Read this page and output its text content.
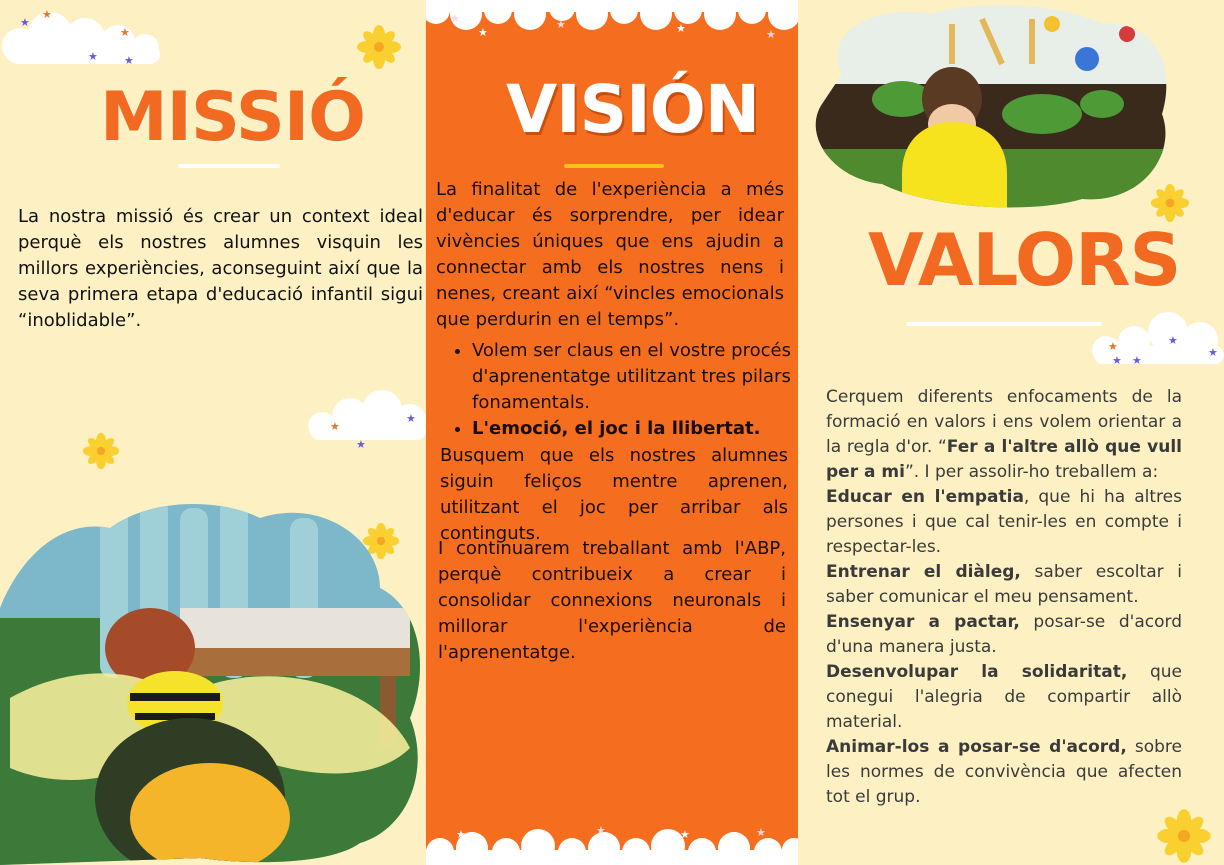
★
★
★
★ ★
MISSIÓ

La nostra missió és crear un context ideal perquè els nostres alumnes visquin les millors experiències, aconseguint així que la seva primera etapa d'educació infantil sigui “inoblidable”.

★
★
★
★
★
★	★	★
VISIÓN

La finalitat de l'experiència a més d'educar és sorprendre, per idear vivències úniques que ens ajudin a connectar amb els nostres nens i nenes, creant així “vincles emocionals que perdurin en el temps”.

• Volem ser claus en el vostre procés d'aprenentatge utilitzant tres pilars fonamentals.
• L'emoció, el joc i la llibertat.

Busquem que els nostres alumnes siguin feliços mentre aprenen, utilitzant el joc per arribar als continguts.

I continuarem treballant amb l'ABP, perquè contribueix a crear i consolidar connexions neuronals i millorar l'experiència de l'aprenentatge.

★	★	★	★
VALORS
★
★ ★
★
★
Cerquem diferents enfocaments de la formació en valors i ens volem orientar a la regla d'or. “Fer a l'altre allò que vull per a mi”. I per assolir-ho treballem a:
Educar en l'empatia, que hi ha altres persones i que cal tenir-les en compte i respectar-les.
Entrenar el diàleg, saber escoltar i saber comunicar el meu pensament.
Ensenyar a pactar, posar-se d'acord d'una manera justa.
Desenvolupar la solidaritat, que conegui l'alegria de compartir allò material.
Animar-los a posar-se d'acord, sobre les normes de convivència que afecten tot el grup.
